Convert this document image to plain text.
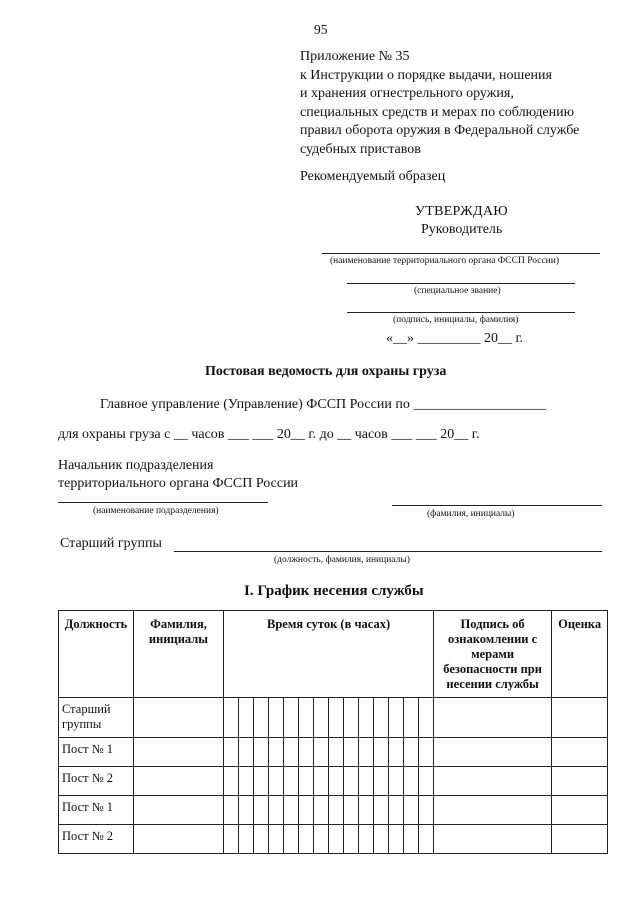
95
Приложение № 35
к Инструкции о порядке выдачи, ношения
и хранения огнестрельного оружия,
специальных средств и мерах по соблюдению
правил оборота оружия в Федеральной службе
судебных приставов
Рекомендуемый образец
УТВЕРЖДАЮ
Руководитель
(наименование территориального органа ФССП России)
(специальное звание)
(подпись, инициалы, фамилия)
«__» _________ 20__ г.
Постовая ведомость для охраны груза
Главное управление (Управление) ФССП России по ___________________
для охраны груза с __ часов ___ ___ 20__ г. до __ часов ___ ___ 20__ г.
Начальник подразделения
территориального органа ФССП России
(наименование подразделения)	(фамилия, инициалы)
Старший группы
(должность, фамилия, инициалы)
I. График несения службы
Должность	Фамилия, инициалы	Время суток (в часах)														Подпись об ознакомлении с мерами безопасности при несении службы	Оценка
Старший группы																	
Пост № 1																	
Пост № 2																	
Пост № 1																	
Пост № 2																	
